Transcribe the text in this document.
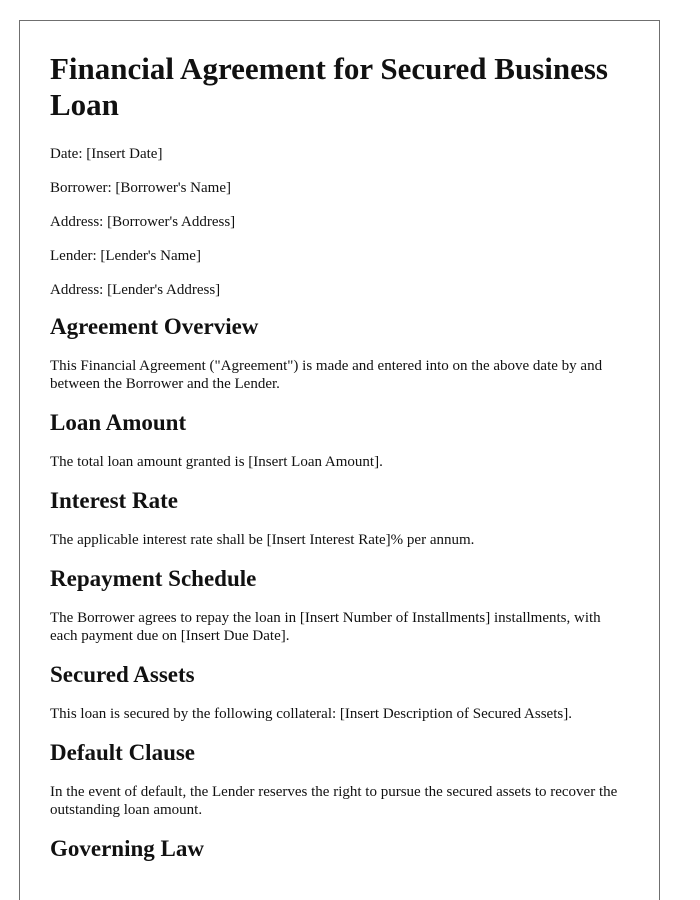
Financial Agreement for Secured Business Loan

Date: [Insert Date]

Borrower: [Borrower's Name]

Address: [Borrower's Address]

Lender: [Lender's Name]

Address: [Lender's Address]

Agreement Overview

This Financial Agreement ("Agreement") is made and entered into on the above date by and between the Borrower and the Lender.

Loan Amount

The total loan amount granted is [Insert Loan Amount].

Interest Rate

The applicable interest rate shall be [Insert Interest Rate]% per annum.

Repayment Schedule

The Borrower agrees to repay the loan in [Insert Number of Installments] installments, with each payment due on [Insert Due Date].

Secured Assets

This loan is secured by the following collateral: [Insert Description of Secured Assets].

Default Clause

In the event of default, the Lender reserves the right to pursue the secured assets to recover the outstanding loan amount.

Governing Law
